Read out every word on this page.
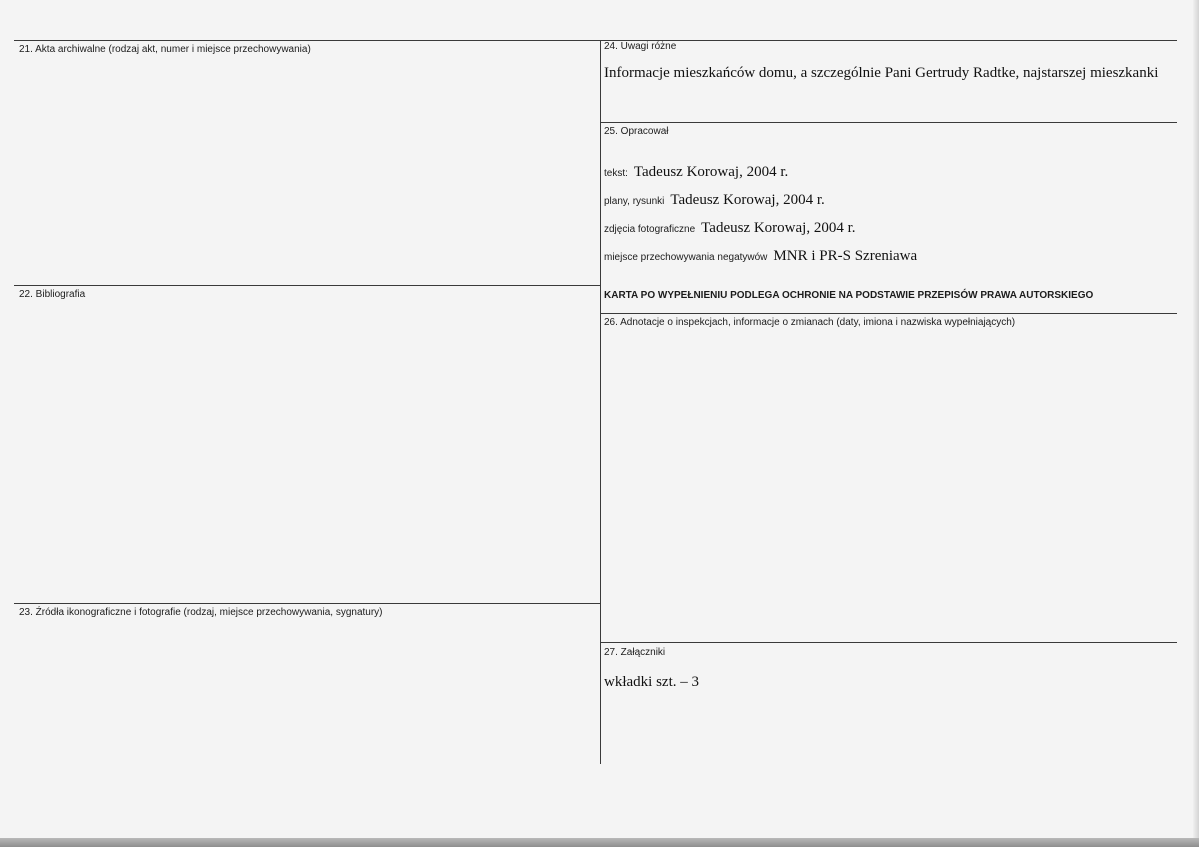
21. Akta archiwalne (rodzaj akt, numer i miejsce przechowywania)
22. Bibliografia
23. Źródła ikonograficzne i fotografie (rodzaj, miejsce przechowywania, sygnatury)
24. Uwagi różne
Informacje mieszkańców domu, a szczególnie Pani Gertrudy Radtke, najstarszej mieszkanki
25. Opracował
tekst: Tadeusz Korowaj, 2004 r.
plany, rysunki Tadeusz Korowaj, 2004 r.
zdjęcia fotograficzne Tadeusz Korowaj, 2004 r.
miejsce przechowywania negatywów MNR i PR-S Szreniawa
KARTA PO WYPEŁNIENIU PODLEGA OCHRONIE NA PODSTAWIE PRZEPISÓW PRAWA AUTORSKIEGO
26. Adnotacje o inspekcjach, informacje o zmianach (daty, imiona i nazwiska wypełniających)
27. Załączniki
wkładki szt. – 3
